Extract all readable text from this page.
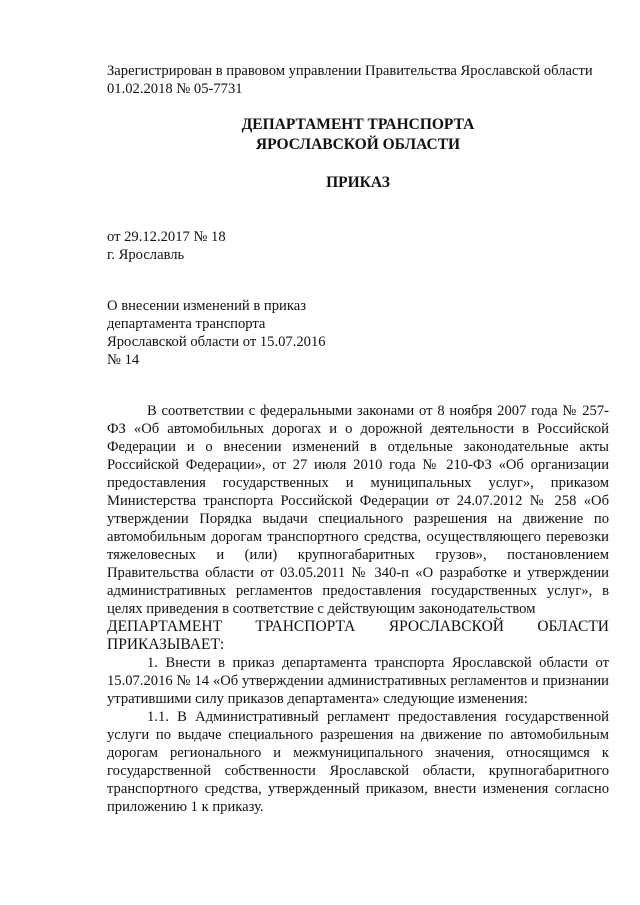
Зарегистрирован в правовом управлении Правительства Ярославской области
01.02.2018 № 05-7731
ДЕПАРТАМЕНТ ТРАНСПОРТА
ЯРОСЛАВСКОЙ ОБЛАСТИ
ПРИКАЗ
от 29.12.2017 № 18
г. Ярославль
О внесении изменений в приказ
департамента транспорта
Ярославской области от 15.07.2016
№ 14

В соответствии с федеральными законами от 8 ноября 2007 года № 257-ФЗ «Об автомобильных дорогах и о дорожной деятельности в Российской Федерации и о внесении изменений в отдельные законодательные акты Российской Федерации», от 27 июля 2010 года № 210-ФЗ «Об организации предоставления государственных и муниципальных услуг», приказом Министерства транспорта Российской Федерации от 24.07.2012 № 258 «Об утверждении Порядка выдачи специального разрешения на движение по автомобильным дорогам транспортного средства, осуществляющего перевозки тяжеловесных и (или) крупногабаритных грузов», постановлением Правительства области от 03.05.2011 № 340-п «О разработке и утверждении административных регламентов предоставления государственных услуг», в целях приведения в соответствие с действующим законодательством

ДЕПАРТАМЕНТ ТРАНСПОРТА ЯРОСЛАВСКОЙ ОБЛАСТИ

ПРИКАЗЫВАЕТ:

1. Внести в приказ департамента транспорта Ярославской области от 15.07.2016 № 14 «Об утверждении административных регламентов и признании утратившими силу приказов департамента» следующие изменения:

1.1. В Административный регламент предоставления государственной услуги по выдаче специального разрешения на движение по автомобильным дорогам регионального и межмуниципального значения, относящимся к государственной собственности Ярославской области, крупногабаритного транспортного средства, утвержденный приказом, внести изменения согласно приложению 1 к приказу.
